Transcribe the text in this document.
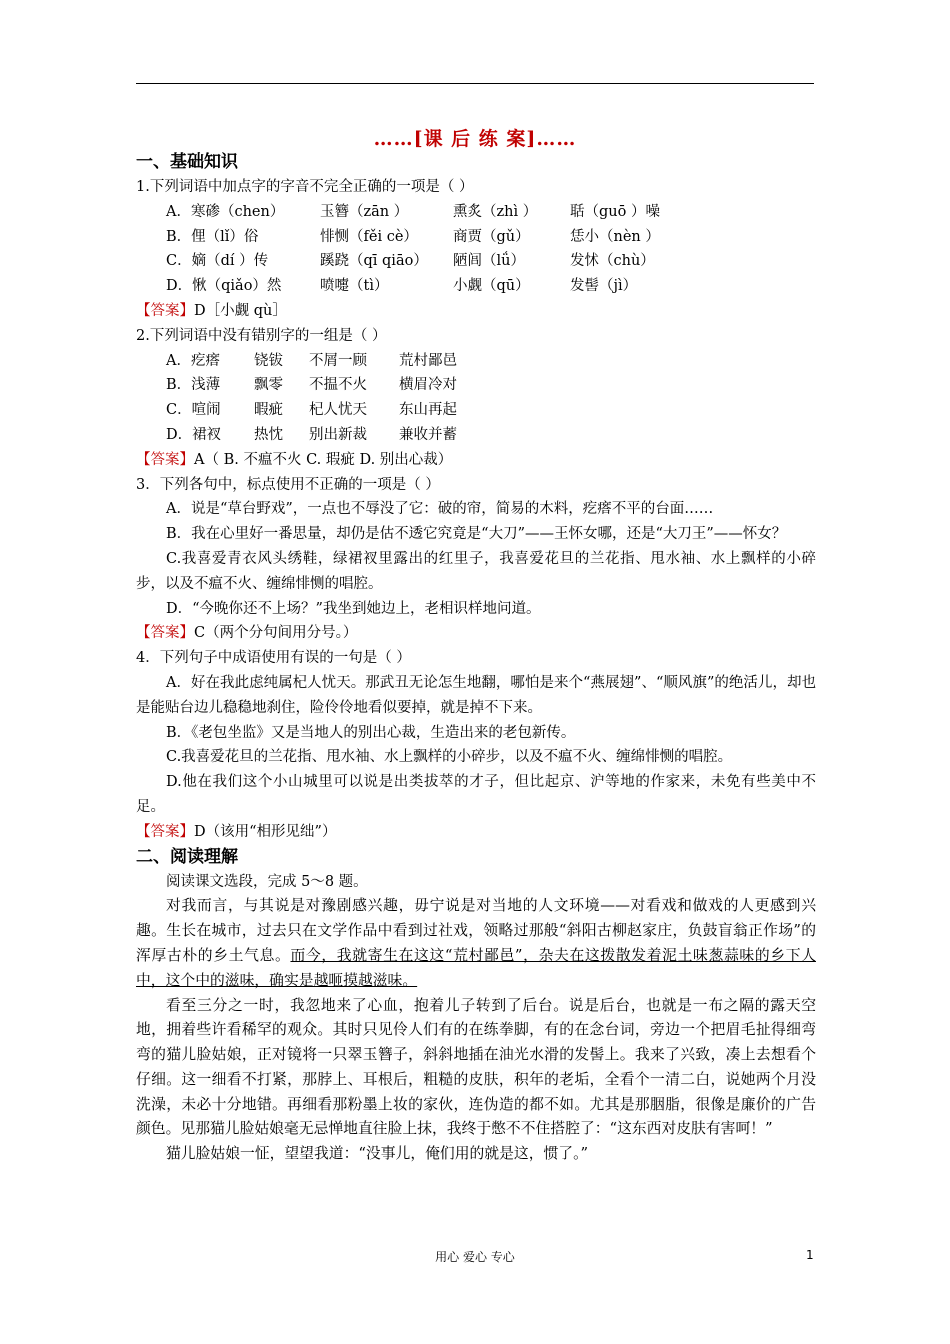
……[课 后 练 案]……
一、基础知识
1.下列词语中加点字的字音不完全正确的一项是（ ）
A．寒碜（chen）	玉簪（zān ）	熏炙（zhì ）	聒（guō ）噪
B．俚（lǐ）俗	悱恻（fěi cè）	商贾（gǔ）	恁小（nèn ）
C．嫡（dí ）传	蹊跷（qī qiāo）	陋闾（lǘ）	发怵（chù）
D．愀（qiǎo）然	喷嚏（tì）	小觑（qū）	发髻（jì）
【答案】D［小觑 qù］
2.下列词语中没有错别字的一组是（ ）
A．疙瘩	铙钹	不屑一顾	荒村鄙邑
B．浅薄	飘零	不揾不火	横眉冷对
C．喧闹	暇疵	杞人忧天	东山再起
D．裙衩	热忱	别出新裁	兼收并蓄
【答案】A（ B. 不瘟不火 C. 瑕疵 D. 别出心裁）
3．下列各句中，标点使用不正确的一项是（ ）
A．说是“草台野戏”，一点也不辱没了它：破的帘，简易的木料，疙瘩不平的台面……
B．我在心里好一番思量，却仍是估不透它究竟是“大刀”——王怀女哪，还是“大刀王”——怀女？
C.我喜爱青衣风头绣鞋，绿裙衩里露出的红里子，我喜爱花旦的兰花指、甩水袖、水上飘样的小碎步，以及不瘟不火、缠绵悱恻的唱腔。
D．“今晚你还不上场？”我坐到她边上，老相识样地问道。
【答案】C（两个分句间用分号。）
4．下列句子中成语使用有误的一句是（ ）
A．好在我此虑纯属杞人忧天。那武丑无论怎生地翻，哪怕是来个“燕展翅”、“顺风旗”的绝活儿，却也是能贴台边儿稳稳地刹住，险伶伶地看似要掉，就是掉不下来。
B．《老包坐监》又是当地人的别出心裁，生造出来的老包新传。
C.我喜爱花旦的兰花指、甩水袖、水上飘样的小碎步，以及不瘟不火、缠绵悱恻的唱腔。
D.他在我们这个小山城里可以说是出类拔萃的才子，但比起京、沪等地的作家来，未免有些美中不足。
【答案】D（该用“相形见绌”）
二、阅读理解
阅读课文选段，完成 5～8 题。
对我而言，与其说是对豫剧感兴趣，毋宁说是对当地的人文环境——对看戏和做戏的人更感到兴趣。生长在城市，过去只在文学作品中看到过社戏，领略过那般“斜阳古柳赵家庄，负鼓盲翁正作场”的浑厚古朴的乡土气息。而今，我就寄生在这这“荒村鄙邑”，杂夫在这拨散发着泥土味葱蒜味的乡下人中，这个中的滋味，确实是越咂摸越滋味。
看至三分之一时，我忽地来了心血，抱着儿子转到了后台。说是后台，也就是一布之隔的露天空地，拥着些许看稀罕的观众。其时只见伶人们有的在练拳脚，有的在念台词，旁边一个把眉毛扯得细弯弯的猫儿脸姑娘，正对镜将一只翠玉簪子，斜斜地插在油光水滑的发髻上。我来了兴致，凑上去想看个仔细。这一细看不打紧，那脖上、耳根后，粗糙的皮肤，积年的老垢，全看个一清二白，说她两个月没洗澡，未必十分地错。再细看那粉墨上妆的家伙，连伪造的都不如。尤其是那胭脂，很像是廉价的广告颜色。见那猫儿脸姑娘毫无忌惮地直往脸上抹，我终于憋不不住搭腔了：“这东西对皮肤有害呵！”
猫儿脸姑娘一怔，望望我道：“没事儿，俺们用的就是这，惯了。”
用心 爱心 专心	1
